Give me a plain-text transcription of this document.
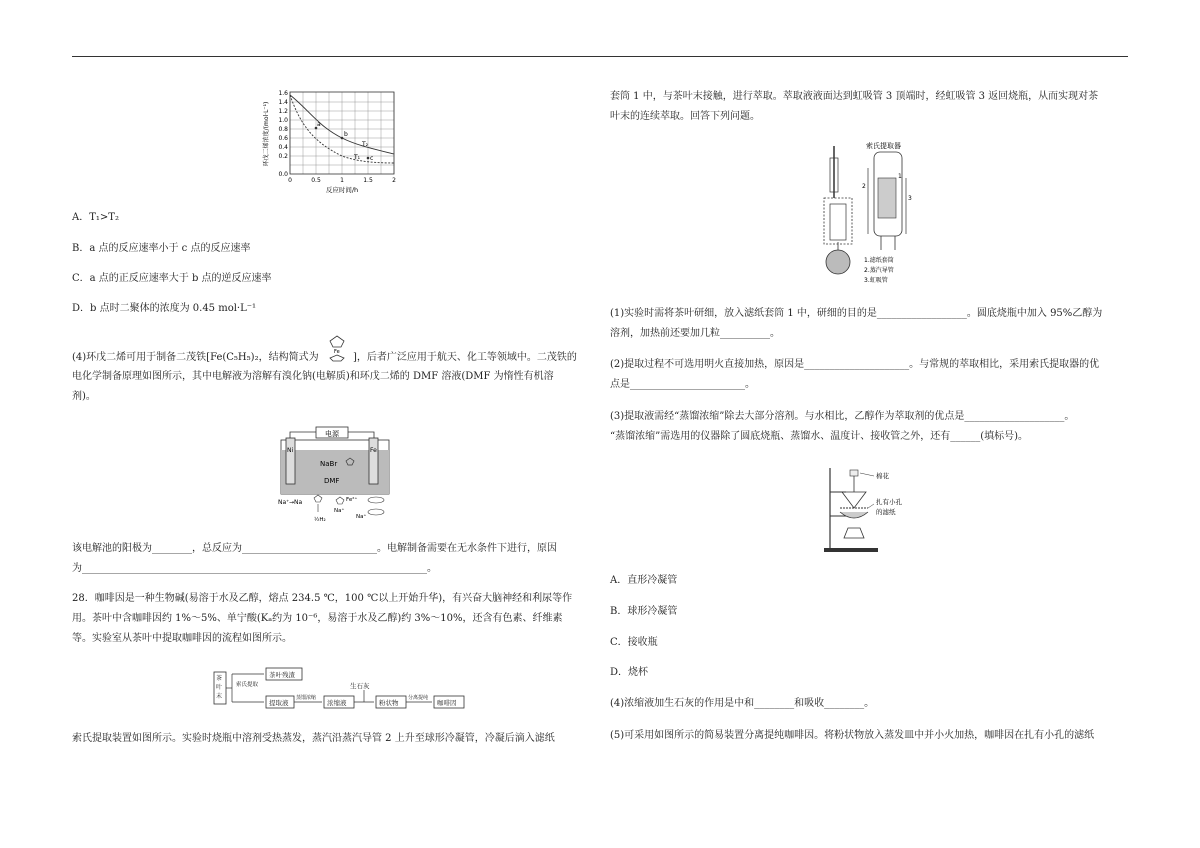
a
b
c
T₁
T₂
1.6
1.4
1.2
1.0
0.8
0.6
0.4
0.2
0.0
0	0.5	1	1.5	2
反应时间/h
环戊二烯浓度/(mol·L⁻¹)
A．T₁>T₂
B．a 点的反应速率小于 c 点的反应速率
C．a 点的正反应速率大于 b 点的逆反应速率
D．b 点时二聚体的浓度为 0.45 mol·L⁻¹
(4)环戊二烯可用于制备二茂铁[Fe(C₅H₅)₂，结构简式为	Fe ]，后者广泛应用于航天、化工等领域中。二茂铁的
电化学制备原理如图所示，其中电解液为溶解有溴化钠(电解质)和环戊二烯的 DMF 溶液(DMF 为惰性有机溶
剂)。
电源
Ni	Fe
NaBr
DMF
Na⁺ →Na
½H₂
Fe²⁺
Na⁺
Na⁺
该电解池的阳极为________，总反应为___________________________。电解制备需要在无水条件下进行，原因
为_____________________________________________________________________。
28．咖啡因是一种生物碱(易溶于水及乙醇，熔点 234.5 ℃，100 ℃以上开始升华)，有兴奋大脑神经和利尿等作
用。茶叶中含咖啡因约 1%～5%、单宁酸(Kₐ约为 10⁻⁶，易溶于水及乙醇)约 3%～10%，还含有色素、纤维素
等。实验室从茶叶中提取咖啡因的流程如图所示。
茶
叶
末
索氏提取
茶叶残渣
提取液
蒸馏浓缩
浓缩液
生石灰
粉状物
分离提纯
咖啡因
索氏提取装置如图所示。实验时烧瓶中溶剂受热蒸发，蒸汽沿蒸汽导管 2 上升至球形冷凝管，冷凝后滴入滤纸
套筒 1 中，与茶叶末接触，进行萃取。萃取液液面达到虹吸管 3 顶端时，经虹吸管 3 返回烧瓶，从而实现对茶
叶末的连续萃取。回答下列问题。
索氏提取器
1
2
3
1.滤纸套筒
2.蒸汽导管
3.虹吸管
(1)实验时需将茶叶研细，放入滤纸套筒 1 中，研细的目的是__________________。圆底烧瓶中加入 95%乙醇为
溶剂，加热前还要加几粒__________。
(2)提取过程不可选用明火直接加热，原因是_____________________。与常规的萃取相比，采用索氏提取器的优
点是_______________________。
(3)提取液需经“蒸馏浓缩”除去大部分溶剂。与水相比，乙醇作为萃取剂的优点是____________________。
“蒸馏浓缩”需选用的仪器除了圆底烧瓶、蒸馏水、温度计、接收管之外，还有______(填标号)。
棉花
扎有小孔
的滤纸
A．直形冷凝管
B．球形冷凝管
C．接收瓶
D．烧杯
(4)浓缩液加生石灰的作用是中和________和吸收________。
(5)可采用如图所示的简易装置分离提纯咖啡因。将粉状物放入蒸发皿中并小火加热，咖啡因在扎有小孔的滤纸
